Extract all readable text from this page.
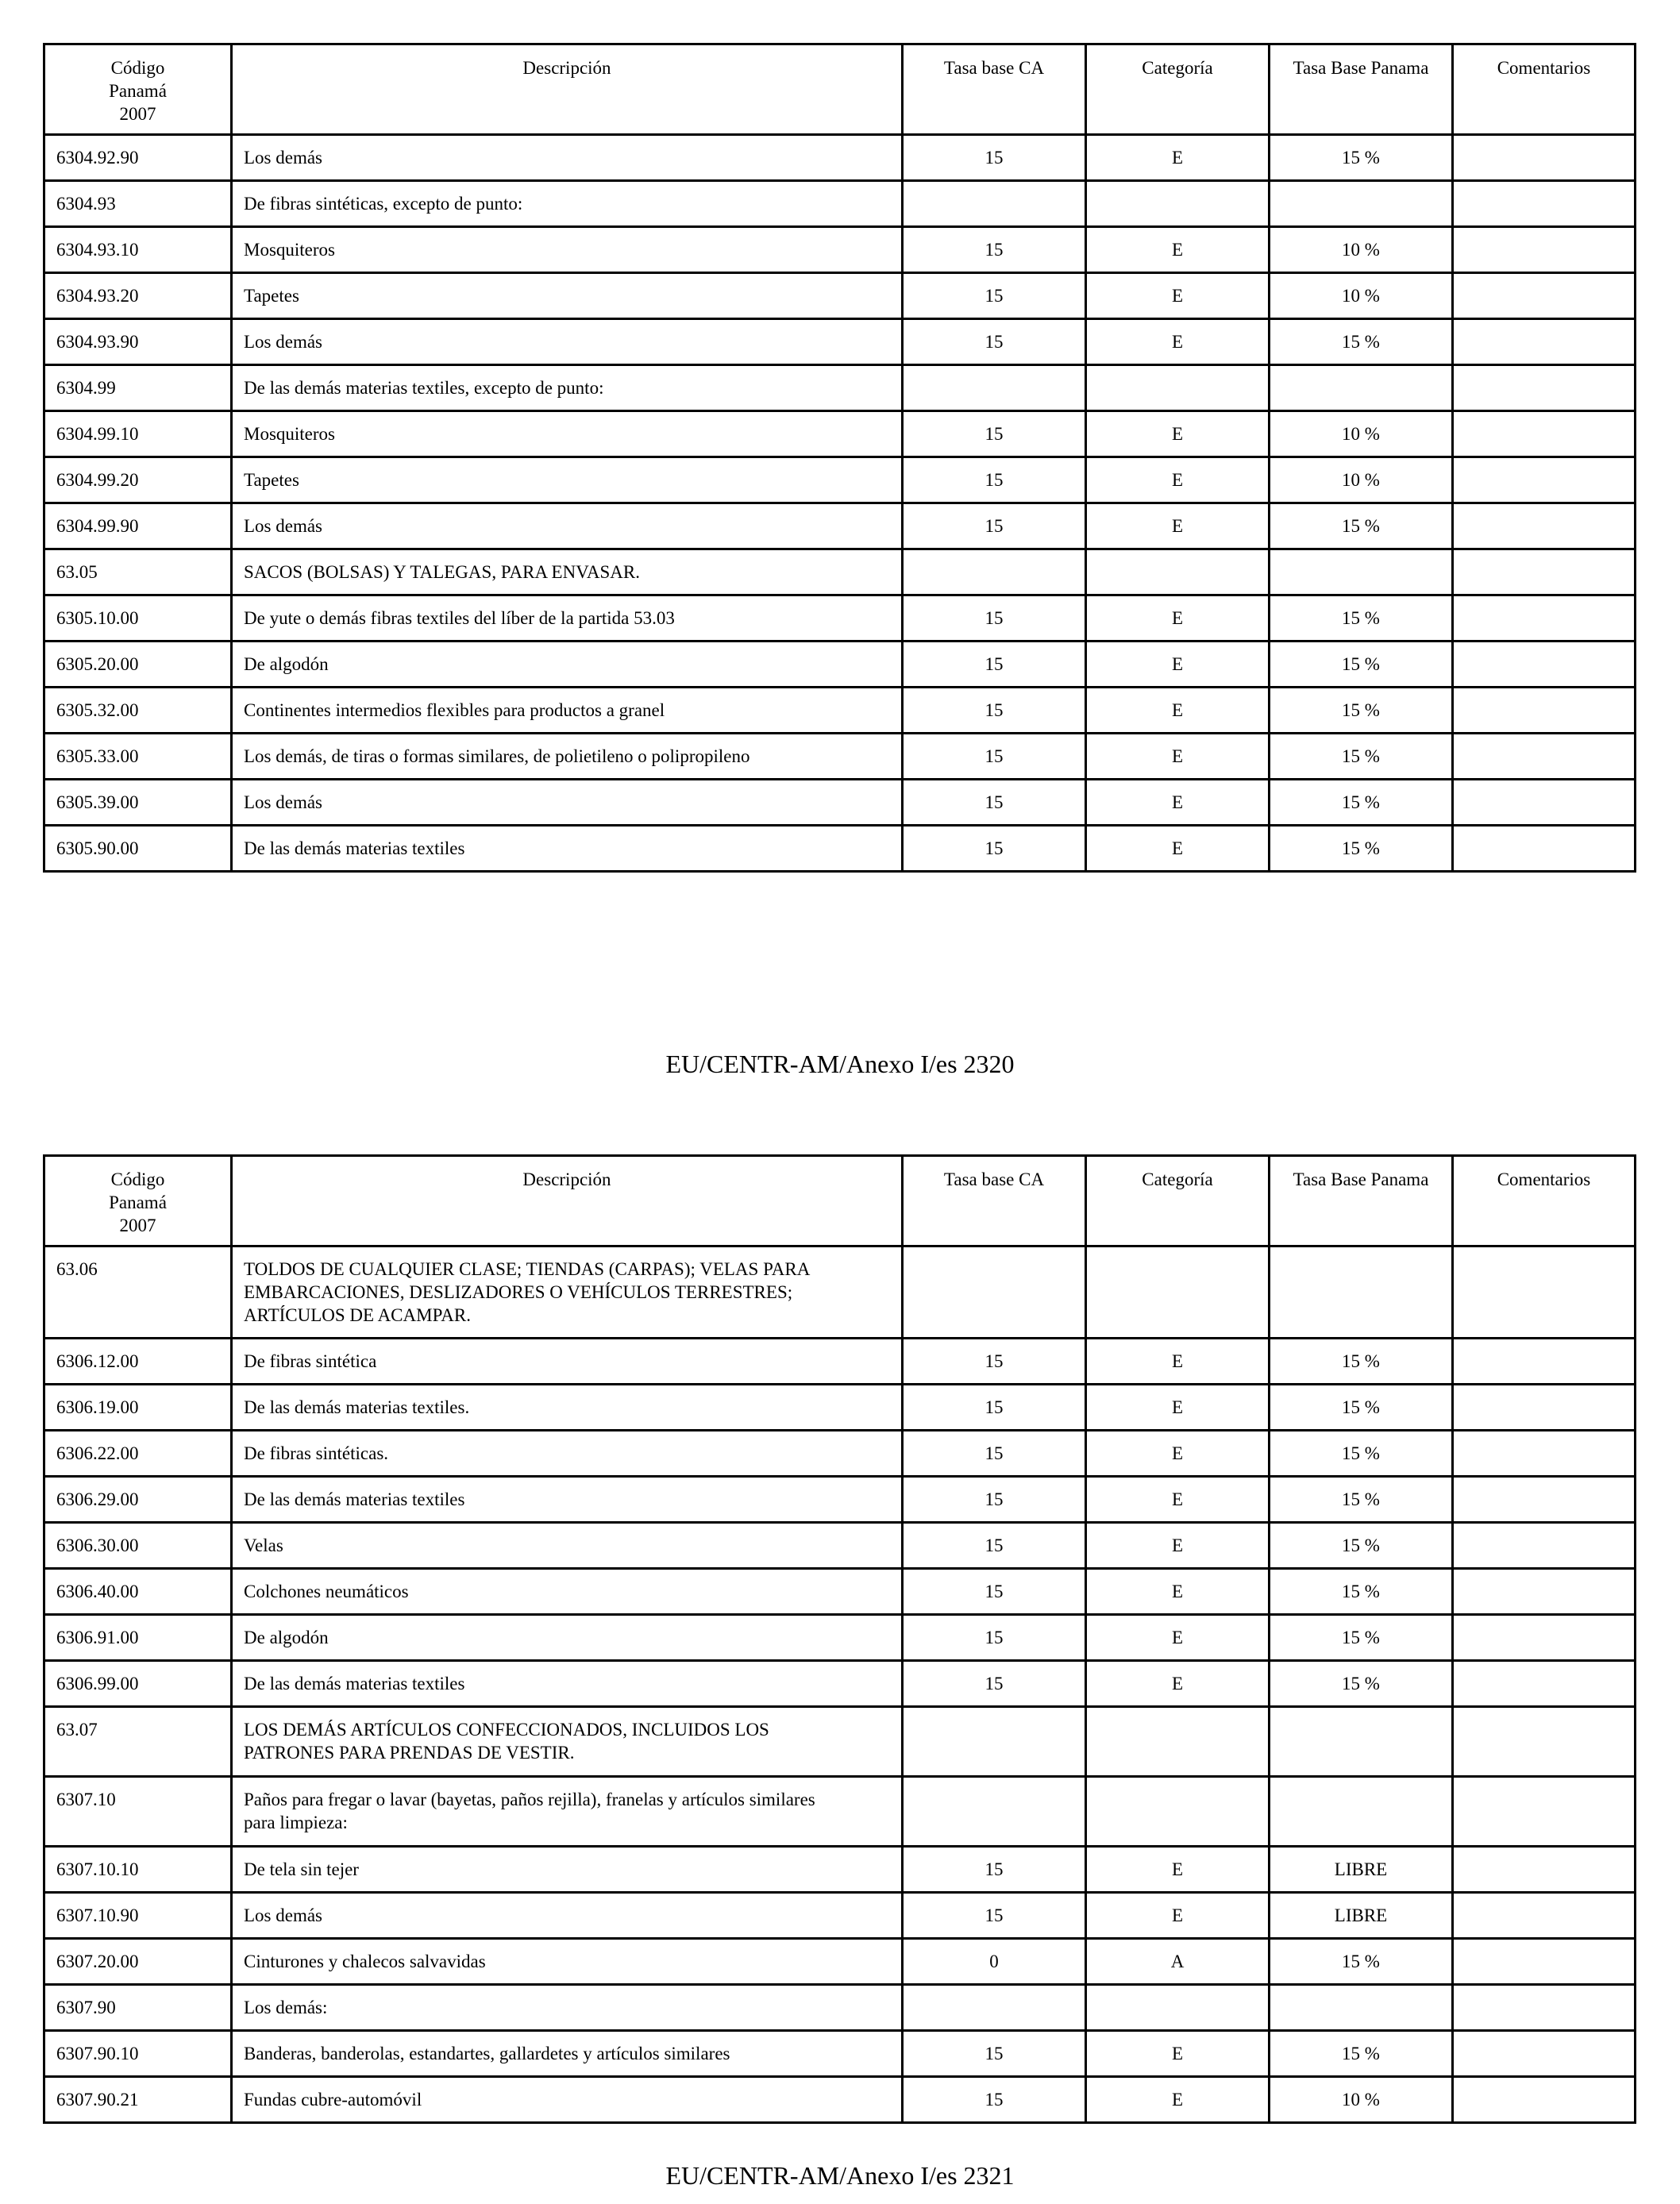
Código
Panamá
2007	Descripción	Tasa base CA	Categoría	Tasa Base Panama	Comentarios
6304.92.90	Los demás	15	E	15 %	
6304.93	De fibras sintéticas, excepto de punto:				
6304.93.10	Mosquiteros	15	E	10 %	
6304.93.20	Tapetes	15	E	10 %	
6304.93.90	Los demás	15	E	15 %	
6304.99	De las demás materias textiles, excepto de punto:				
6304.99.10	Mosquiteros	15	E	10 %	
6304.99.20	Tapetes	15	E	10 %	
6304.99.90	Los demás	15	E	15 %	
63.05	SACOS (BOLSAS) Y TALEGAS, PARA ENVASAR.				
6305.10.00	De yute o demás fibras textiles del líber de la partida 53.03	15	E	15 %	
6305.20.00	De algodón	15	E	15 %	
6305.32.00	Continentes intermedios flexibles para productos a granel	15	E	15 %	
6305.33.00	Los demás, de tiras o formas similares, de polietileno o polipropileno	15	E	15 %	
6305.39.00	Los demás	15	E	15 %	
6305.90.00	De las demás materias textiles	15	E	15 %	
EU/CENTR-AM/Anexo I/es 2320
Código
Panamá
2007	Descripción	Tasa base CA	Categoría	Tasa Base Panama	Comentarios
63.06	TOLDOS DE CUALQUIER CLASE; TIENDAS (CARPAS); VELAS PARA
EMBARCACIONES, DESLIZADORES O VEHÍCULOS TERRESTRES;
ARTÍCULOS DE ACAMPAR.				
6306.12.00	De fibras sintética	15	E	15 %	
6306.19.00	De las demás materias textiles.	15	E	15 %	
6306.22.00	De fibras sintéticas.	15	E	15 %	
6306.29.00	De las demás materias textiles	15	E	15 %	
6306.30.00	Velas	15	E	15 %	
6306.40.00	Colchones neumáticos	15	E	15 %	
6306.91.00	De algodón	15	E	15 %	
6306.99.00	De las demás materias textiles	15	E	15 %	
63.07	LOS DEMÁS ARTÍCULOS CONFECCIONADOS, INCLUIDOS LOS
PATRONES PARA PRENDAS DE VESTIR.				
6307.10	Paños para fregar o lavar (bayetas, paños rejilla), franelas y artículos similares
para limpieza:				
6307.10.10	De tela sin tejer	15	E	LIBRE	
6307.10.90	Los demás	15	E	LIBRE	
6307.20.00	Cinturones y chalecos salvavidas	0	A	15 %	
6307.90	Los demás:				
6307.90.10	Banderas, banderolas, estandartes, gallardetes y artículos similares	15	E	15 %	
6307.90.21	Fundas cubre-automóvil	15	E	10 %	
EU/CENTR-AM/Anexo I/es 2321
